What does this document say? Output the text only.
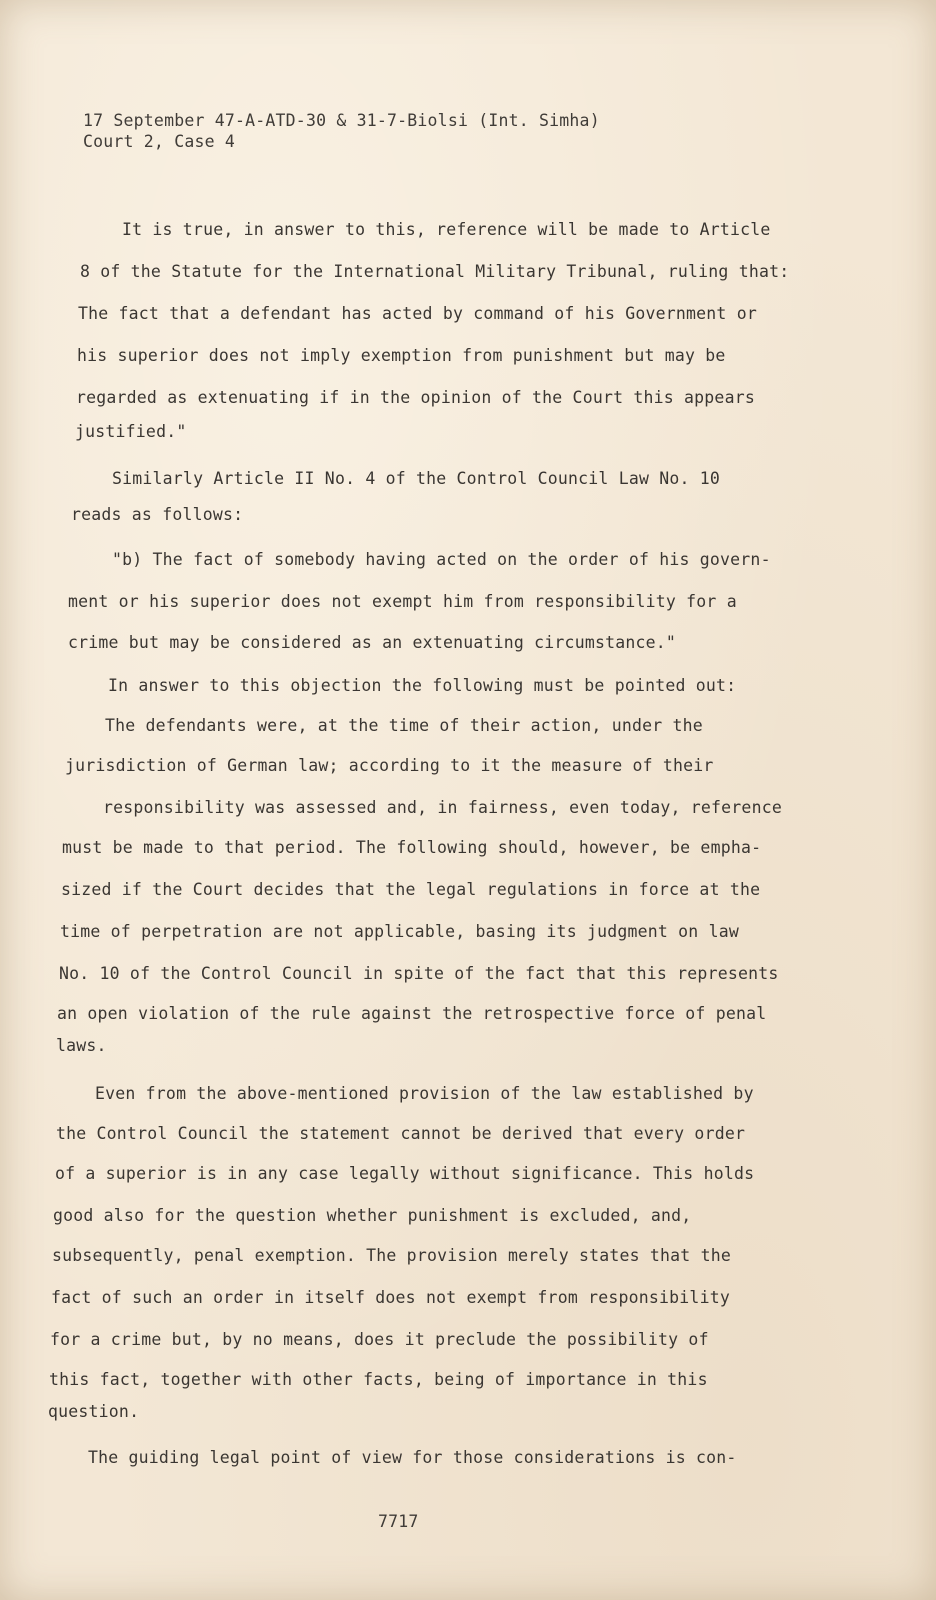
17 September 47-A-ATD-30 & 31-7-Biolsi (Int. Simha)
Court 2, Case 4
It is true, in answer to this, reference will be made to Article
8 of the Statute for the International Military Tribunal, ruling that:
The fact that a defendant has acted by command of his Government or
his superior does not imply exemption from punishment but may be
regarded as extenuating if in the opinion of the Court this appears
justified."
Similarly Article II No. 4 of the Control Council Law No. 10
reads as follows:
"b) The fact of somebody having acted on the order of his govern-
ment or his superior does not exempt him from responsibility for a
crime but may be considered as an extenuating circumstance."
In answer to this objection the following must be pointed out:
The defendants were, at the time of their action, under the
jurisdiction of German law; according to it the measure of their
responsibility was assessed and, in fairness, even today, reference
must be made to that period. The following should, however, be empha-
sized if the Court decides that the legal regulations in force at the
time of perpetration are not applicable, basing its judgment on law
No. 10 of the Control Council in spite of the fact that this represents
an open violation of the rule against the retrospective force of penal
laws.
Even from the above-mentioned provision of the law established by
the Control Council the statement cannot be derived that every order
of a superior is in any case legally without significance. This holds
good also for the question whether punishment is excluded, and,
subsequently, penal exemption. The provision merely states that the
fact of such an order in itself does not exempt from responsibility
for a crime but, by no means, does it preclude the possibility of
this fact, together with other facts, being of importance in this
question.
The guiding legal point of view for those considerations is con-
7717
